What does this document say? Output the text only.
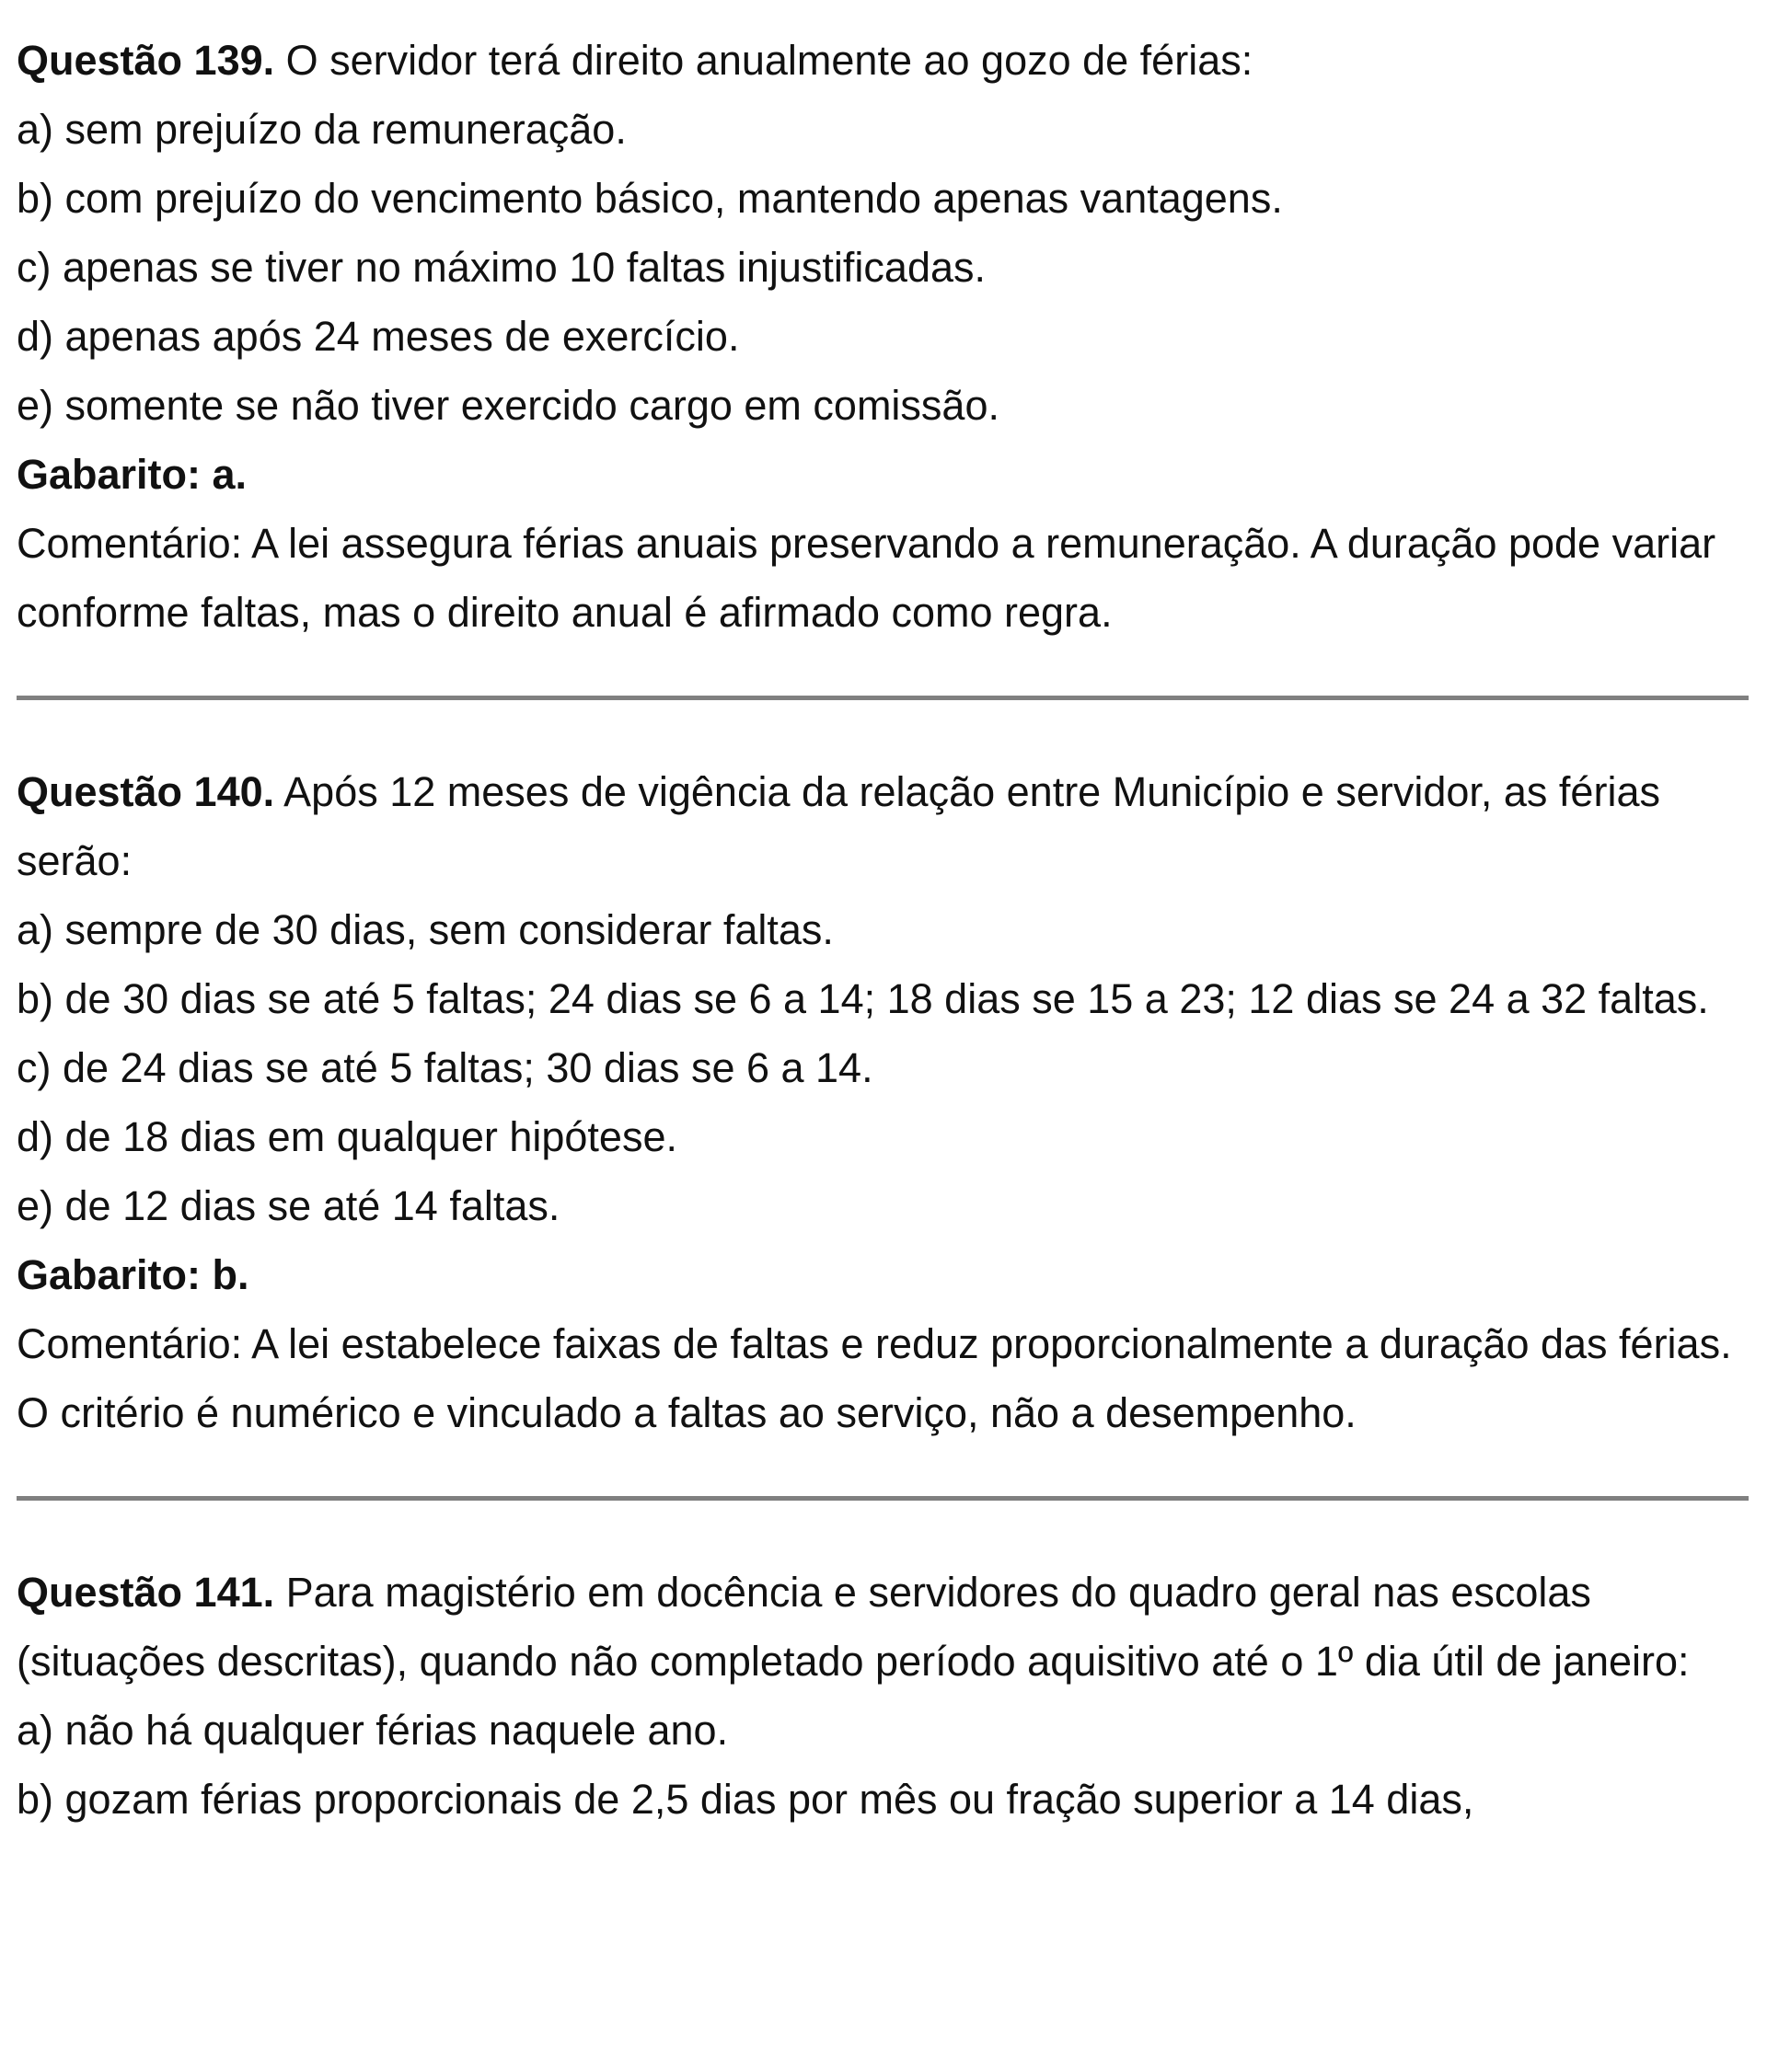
Questão 139. O servidor terá direito anualmente ao gozo de férias:

a) sem prejuízo da remuneração.

b) com prejuízo do vencimento básico, mantendo apenas vantagens.

c) apenas se tiver no máximo 10 faltas injustificadas.

d) apenas após 24 meses de exercício.

e) somente se não tiver exercido cargo em comissão.

Gabarito: a.

Comentário: A lei assegura férias anuais preservando a remuneração. A duração pode variar conforme faltas, mas o direito anual é afirmado como regra.

Questão 140. Após 12 meses de vigência da relação entre Município e servidor, as férias serão:

a) sempre de 30 dias, sem considerar faltas.

b) de 30 dias se até 5 faltas; 24 dias se 6 a 14; 18 dias se 15 a 23; 12 dias se 24 a 32 faltas.

c) de 24 dias se até 5 faltas; 30 dias se 6 a 14.

d) de 18 dias em qualquer hipótese.

e) de 12 dias se até 14 faltas.

Gabarito: b.

Comentário: A lei estabelece faixas de faltas e reduz proporcionalmente a duração das férias. O critério é numérico e vinculado a faltas ao serviço, não a desempenho.

Questão 141. Para magistério em docência e servidores do quadro geral nas escolas (situações descritas), quando não completado período aquisitivo até o 1º dia útil de janeiro:

a) não há qualquer férias naquele ano.

b) gozam férias proporcionais de 2,5 dias por mês ou fração superior a 14 dias,
